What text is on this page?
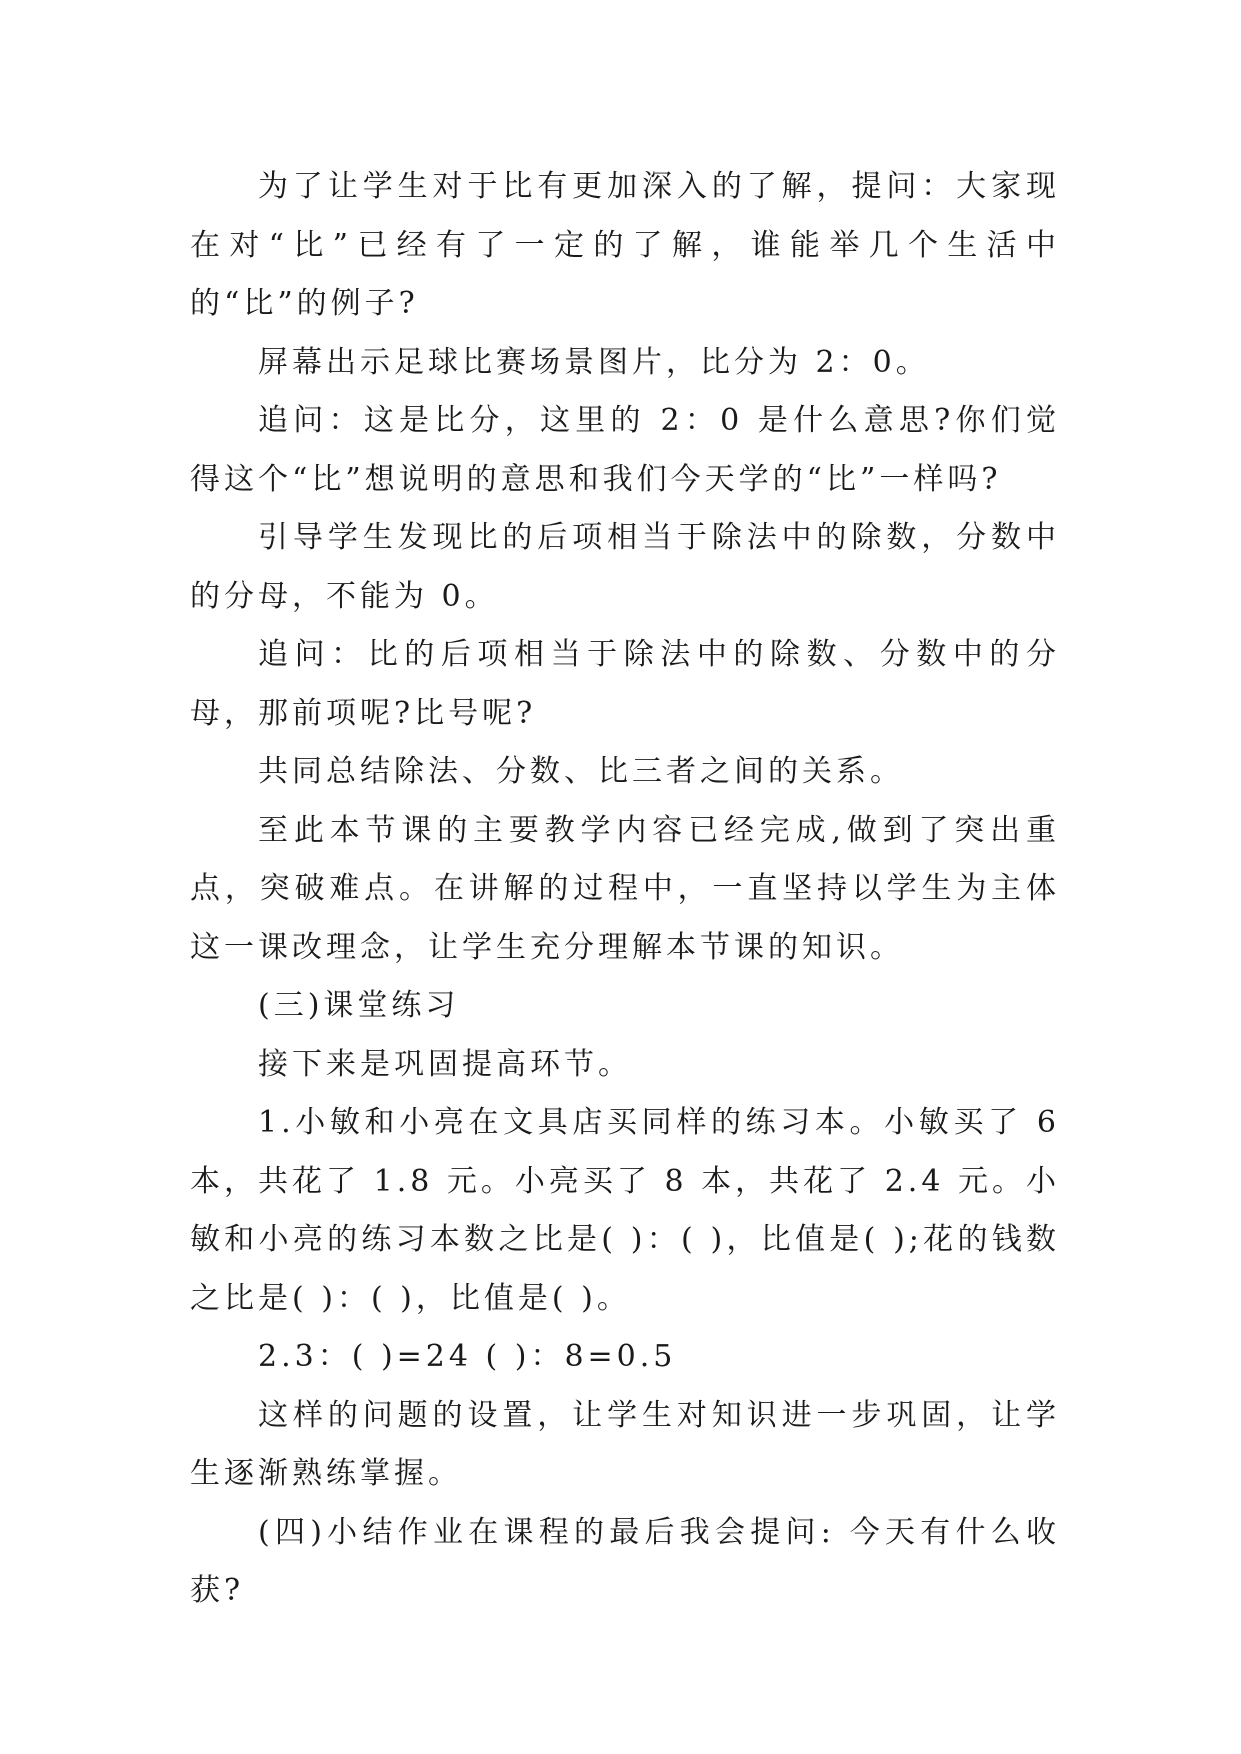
为了让学生对于比有更加深入的了解，提问：大家现在对“比”已经有了一定的了解，谁能举几个生活中的“比”的例子?

屏幕出示足球比赛场景图片，比分为 2：0。

追问：这是比分，这里的 2：0 是什么意思?你们觉得这个“比”想说明的意思和我们今天学的“比”一样吗?

引导学生发现比的后项相当于除法中的除数，分数中的分母，不能为 0。

追问：比的后项相当于除法中的除数、分数中的分母，那前项呢?比号呢?

共同总结除法、分数、比三者之间的关系。

至此本节课的主要教学内容已经完成,做到了突出重点，突破难点。在讲解的过程中，一直坚持以学生为主体这一课改理念，让学生充分理解本节课的知识。

(三)课堂练习

接下来是巩固提高环节。

1.小敏和小亮在文具店买同样的练习本。小敏买了 6 本，共花了 1.8 元。小亮买了 8 本，共花了 2.4 元。小敏和小亮的练习本数之比是( )：( )，比值是( );花的钱数之比是( )：( )，比值是( )。

2.3：( )=24 ( )：8=0.5

这样的问题的设置，让学生对知识进一步巩固，让学生逐渐熟练掌握。

(四)小结作业在课程的最后我会提问: 今天有什么收获?
